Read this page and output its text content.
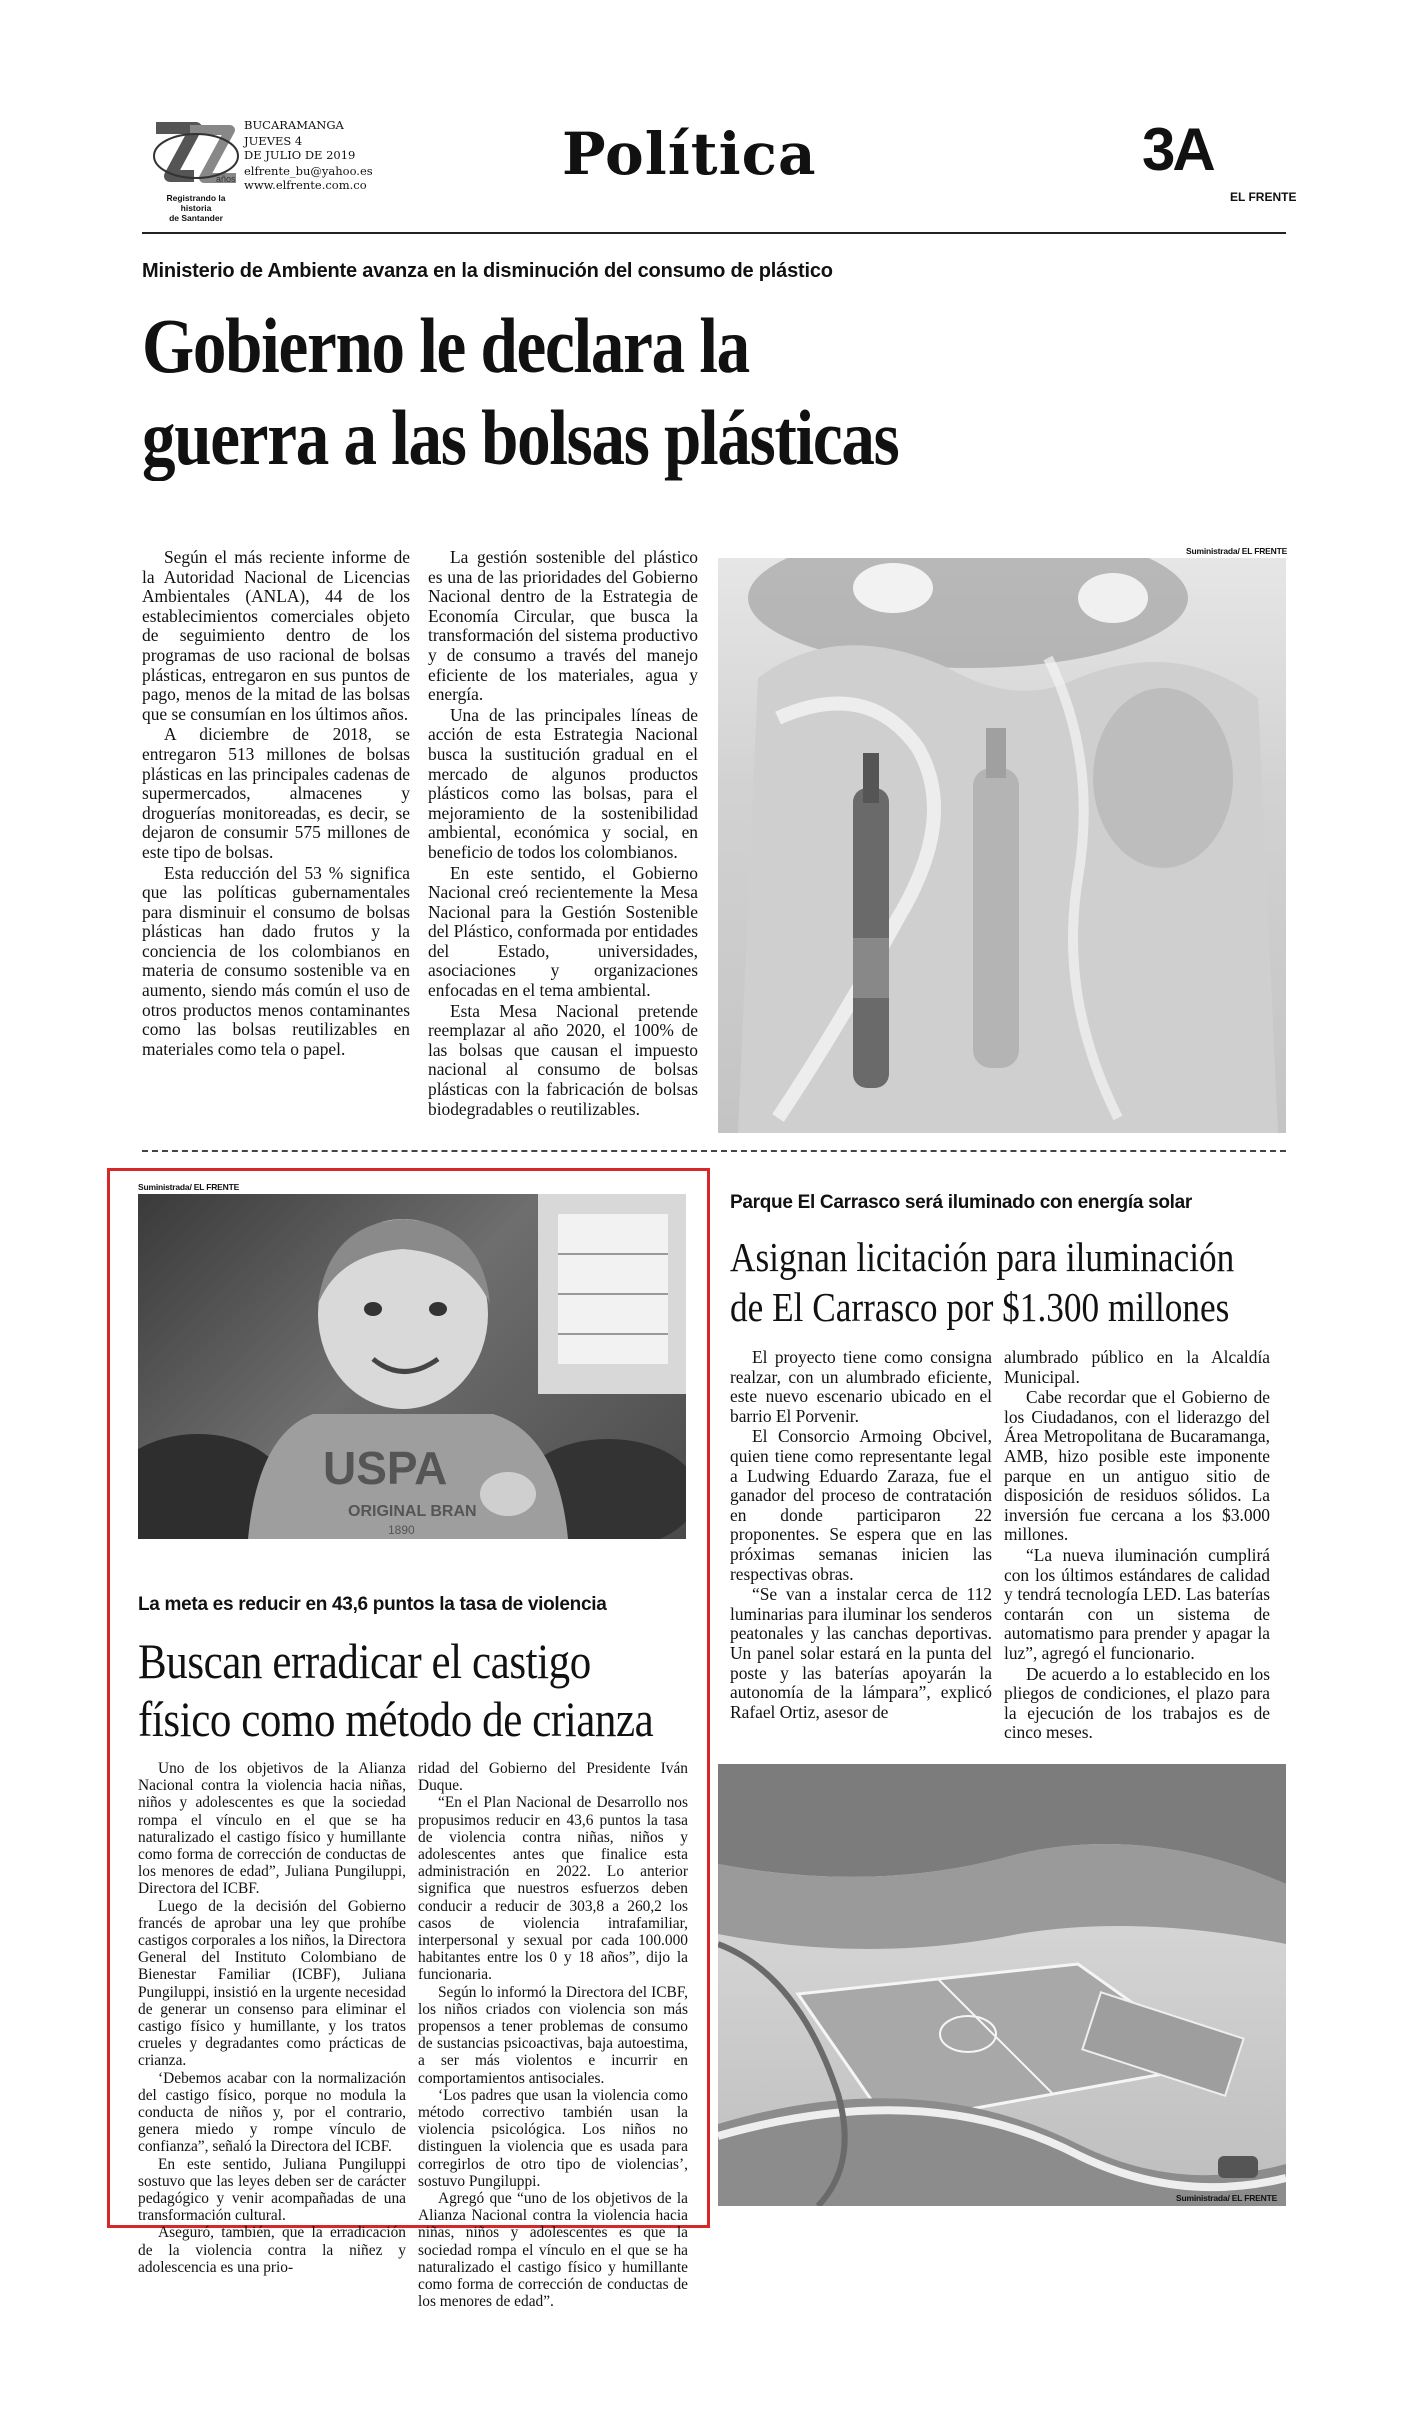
años
Registrando la historia
de Santander
BUCARAMANGA
JUEVES 4
DE JULIO DE 2019
elfrente_bu@yahoo.es
www.elfrente.com.co	Política	3A
EL FRENTE
Ministerio de Ambiente avanza en la disminución del consumo de plástico
Gobierno le declara la
guerra a las bolsas plásticas

Según el más reciente informe de la Autoridad Nacional de Licencias Ambientales (ANLA), 44 de los establecimientos comerciales objeto de seguimiento dentro de los programas de uso racional de bolsas plásticas, entregaron en sus puntos de pago, menos de la mitad de las bolsas que se consumían en los últimos años.

A diciembre de 2018, se entregaron 513 millones de bolsas plásticas en las principales cadenas de supermercados, almacenes y droguerías monitoreadas, es decir, se dejaron de consumir 575 millones de este tipo de bolsas.

Esta reducción del 53 % significa que las políticas gubernamentales para disminuir el consumo de bolsas plásticas han dado frutos y la conciencia de los colombianos en materia de consumo sostenible va en aumento, siendo más común el uso de otros productos menos contaminantes como las bolsas reutilizables en materiales como tela o papel.

La gestión sostenible del plástico es una de las prioridades del Gobierno Nacional dentro de la Estrategia de Economía Circular, que busca la transformación del sistema productivo y de consumo a través del manejo eficiente de los materiales, agua y energía.

Una de las principales líneas de acción de esta Estrategia Nacional busca la sustitución gradual en el mercado de algunos productos plásticos como las bolsas, para el mejoramiento de la sostenibilidad ambiental, económica y social, en beneficio de todos los colombianos.

En este sentido, el Gobierno Nacional creó recientemente la Mesa Nacional para la Gestión Sostenible del Plástico, conformada por entidades del Estado, universidades, asociaciones y organizaciones enfocadas en el tema ambiental.

Esta Mesa Nacional pretende reemplazar al año 2020, el 100% de las bolsas que causan el impuesto nacional al consumo de bolsas plásticas con la fabricación de bolsas biodegradables o reutilizables.

Suministrada/ EL FRENTE
Suministrada/ EL FRENTE
USPA
ORIGINAL BRAN
1890
La meta es reducir en 43,6 puntos la tasa de violencia
Buscan erradicar el castigo
físico como método de crianza

Uno de los objetivos de la Alianza Nacional contra la violencia hacia niñas, niños y adolescentes es que la sociedad rompa el vínculo en el que se ha naturalizado el castigo físico y humillante como forma de corrección de conductas de los menores de edad”, Juliana Pungiluppi, Directora del ICBF.

Luego de la decisión del Gobierno francés de aprobar una ley que prohíbe castigos corporales a los niños, la Directora General del Instituto Colombiano de Bienestar Familiar (ICBF), Juliana Pungiluppi, insistió en la urgente necesidad de generar un consenso para eliminar el castigo físico y humillante, y los tratos crueles y degradantes como prácticas de crianza.

‘Debemos acabar con la normalización del castigo físico, porque no modula la conducta de niños y, por el contrario, genera miedo y rompe vínculo de confianza”, señaló la Directora del ICBF.

En este sentido, Juliana Pungiluppi sostuvo que las leyes deben ser de carácter pedagógico y venir acompañadas de una transformación cultural.

Aseguró, también, que la erradicación de la violencia contra la niñez y adolescencia es una prio-

ridad del Gobierno del Presidente Iván Duque.

“En el Plan Nacional de Desarrollo nos propusimos reducir en 43,6 puntos la tasa de violencia contra niñas, niños y adolescentes antes que finalice esta administración en 2022. Lo anterior significa que nuestros esfuerzos deben conducir a reducir de 303,8 a 260,2 los casos de violencia intrafamiliar, interpersonal y sexual por cada 100.000 habitantes entre los 0 y 18 años”, dijo la funcionaria.

Según lo informó la Directora del ICBF, los niños criados con violencia son más propensos a tener problemas de consumo de sustancias psicoactivas, baja autoestima, a ser más violentos e incurrir en comportamientos antisociales.

‘Los padres que usan la violencia como método correctivo también usan la violencia psicológica. Los niños no distinguen la violencia que es usada para corregirlos de otro tipo de violencias’, sostuvo Pungiluppi.

Agregó que “uno de los objetivos de la Alianza Nacional contra la violencia hacia niñas, niños y adolescentes es que la sociedad rompa el vínculo en el que se ha naturalizado el castigo físico y humillante como forma de corrección de conductas de los menores de edad”.

Parque El Carrasco será iluminado con energía solar
Asignan licitación para iluminación
de El Carrasco por $1.300 millones

El proyecto tiene como consigna realzar, con un alumbrado eficiente, este nuevo escenario ubicado en el barrio El Porvenir.

El Consorcio Armoing Obcivel, quien tiene como representante legal a Ludwing Eduardo Zaraza, fue el ganador del proceso de contratación en donde participaron 22 proponentes. Se espera que en las próximas semanas inicien las respectivas obras.

“Se van a instalar cerca de 112 luminarias para iluminar los senderos peatonales y las canchas deportivas. Un panel solar estará en la punta del poste y las baterías apoyarán la autonomía de la lámpara”, explicó Rafael Ortiz, asesor de

alumbrado público en la Alcaldía Municipal.

Cabe recordar que el Gobierno de los Ciudadanos, con el liderazgo del Área Metropolitana de Bucaramanga, AMB, hizo posible este imponente parque en un antiguo sitio de disposición de residuos sólidos. La inversión fue cercana a los $3.000 millones.

“La nueva iluminación cumplirá con los últimos estándares de calidad y tendrá tecnología LED. Las baterías contarán con un sistema de automatismo para prender y apagar la luz”, agregó el funcionario.

De acuerdo a lo establecido en los pliegos de condiciones, el plazo para la ejecución de los trabajos es de cinco meses.

Suministrada/ EL FRENTE
